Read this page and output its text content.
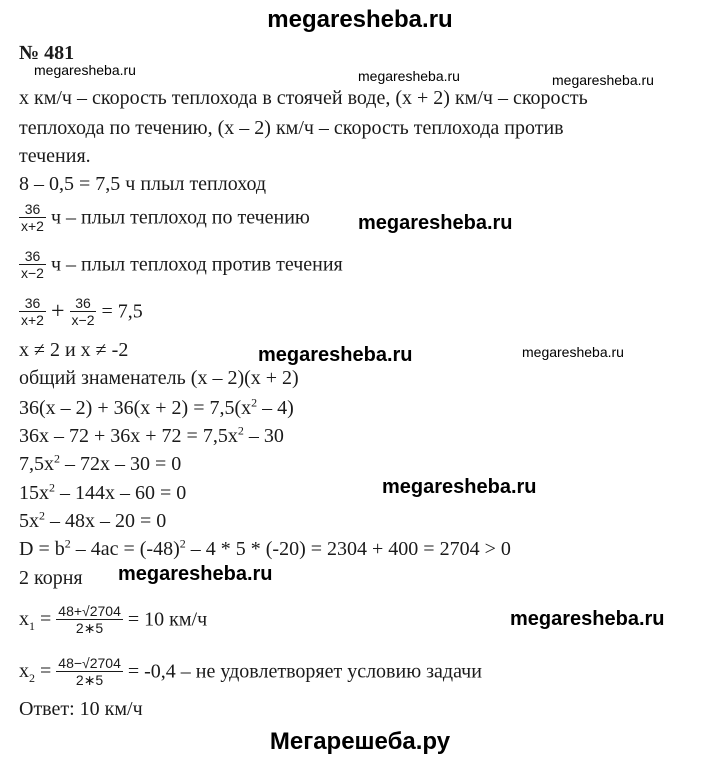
megaresheba.ru
№ 481
megaresheba.ru	megaresheba.ru	megaresheba.ru
megaresheba.ru
megaresheba.ru
megaresheba.ru
megaresheba.ru
megaresheba.ru
megaresheba.ru
x км/ч – скорость теплохода в стоячей воде, (x + 2) км/ч – скорость
теплохода по течению, (x – 2) км/ч – скорость теплохода против
течения.
8 – 0,5 = 7,5 ч плыл теплоход
$\frac{36}{x+2}$ ч – плыл теплоход по течению
$\frac{36}{x-2}$ ч – плыл теплоход против течения
$\frac{36}{x+2} + \frac{36}{x-2} = 7,5$
x ≠ 2 и x ≠ -2
общий знаменатель (x – 2)(x + 2)
$36(x - 2) + 36(x + 2) = 7,5(x^2 - 4)$
$36x - 72 + 36x + 72 = 7,5x^2 - 30$
$7,5x^2 - 72x - 30 = 0$
$15x^2 - 144x - 60 = 0$
$5x^2 - 48x - 20 = 0$
$D = b^2 - 4ac = (-48)^2 - 4 * 5 * (-20) = 2304 + 400 = 2704 > 0$
2 корня
$x_1 = \frac{48+√2704}{2∗5} = 10$ км/ч
$x_2 = \frac{48-√2704}{2∗5} = -0,4$ – не удовлетворяет условию задачи
Ответ: 10 км/ч
Мегарешеба.ру
